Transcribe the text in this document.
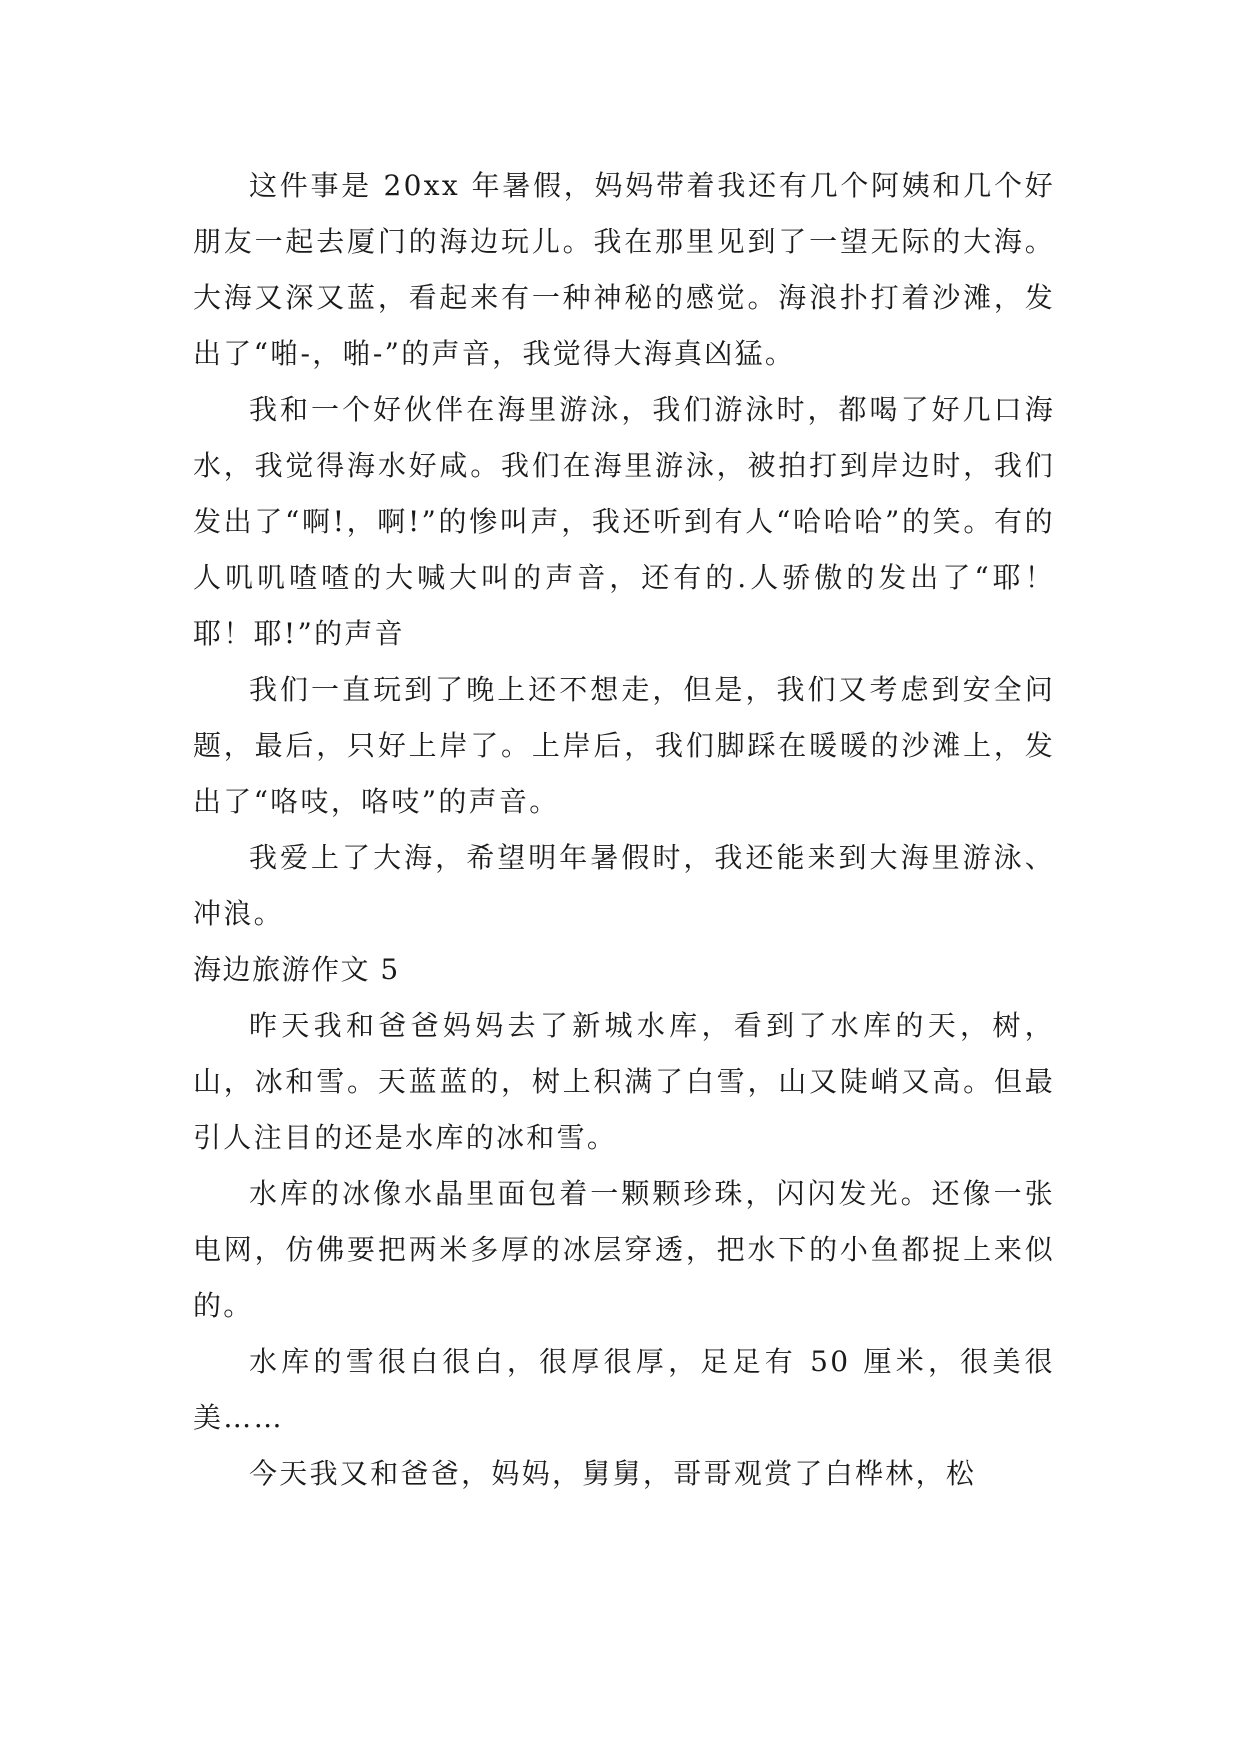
这件事是 20xx 年暑假，妈妈带着我还有几个阿姨和几个好朋友一起去厦门的海边玩儿。我在那里见到了一望无际的大海。大海又深又蓝，看起来有一种神秘的感觉。海浪扑打着沙滩，发出了“啪-，啪-”的声音，我觉得大海真凶猛。

我和一个好伙伴在海里游泳，我们游泳时，都喝了好几口海水，我觉得海水好咸。我们在海里游泳，被拍打到岸边时，我们发出了“啊!，啊!”的惨叫声，我还听到有人“哈哈哈”的笑。有的人叽叽喳喳的大喊大叫的声音，还有的.人骄傲的发出了“耶！耶！耶!”的声音

我们一直玩到了晚上还不想走，但是，我们又考虑到安全问题，最后，只好上岸了。上岸后，我们脚踩在暖暖的沙滩上，发出了“咯吱，咯吱”的声音。

我爱上了大海，希望明年暑假时，我还能来到大海里游泳、冲浪。

海边旅游作文 5

昨天我和爸爸妈妈去了新城水库，看到了水库的天，树，山，冰和雪。天蓝蓝的，树上积满了白雪，山又陡峭又高。但最引人注目的还是水库的冰和雪。

水库的冰像水晶里面包着一颗颗珍珠，闪闪发光。还像一张电网，仿佛要把两米多厚的冰层穿透，把水下的小鱼都捉上来似的。

水库的雪很白很白，很厚很厚，足足有 50 厘米，很美很美……

今天我又和爸爸，妈妈，舅舅，哥哥观赏了白桦林，松
